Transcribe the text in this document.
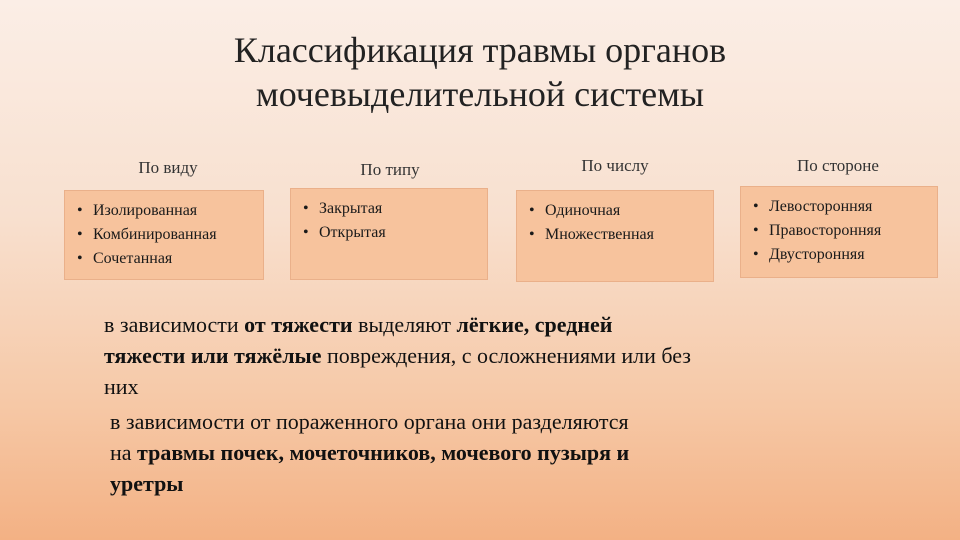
Классификация травмы органов
мочевыделительной системы
По виду
• Изолированная
• Комбинированная
• Сочетанная
По типу
• Закрытая
• Открытая
По числу
• Одиночная
• Множественная
По стороне
• Левосторонняя
• Правосторонняя
• Двусторонняя
в зависимости от тяжести выделяют лёгкие, средней
тяжести или тяжёлые повреждения, с осложнениями или без
них
в зависимости от пораженного органа они разделяются
на травмы почек, мочеточников, мочевого пузыря и
уретры
